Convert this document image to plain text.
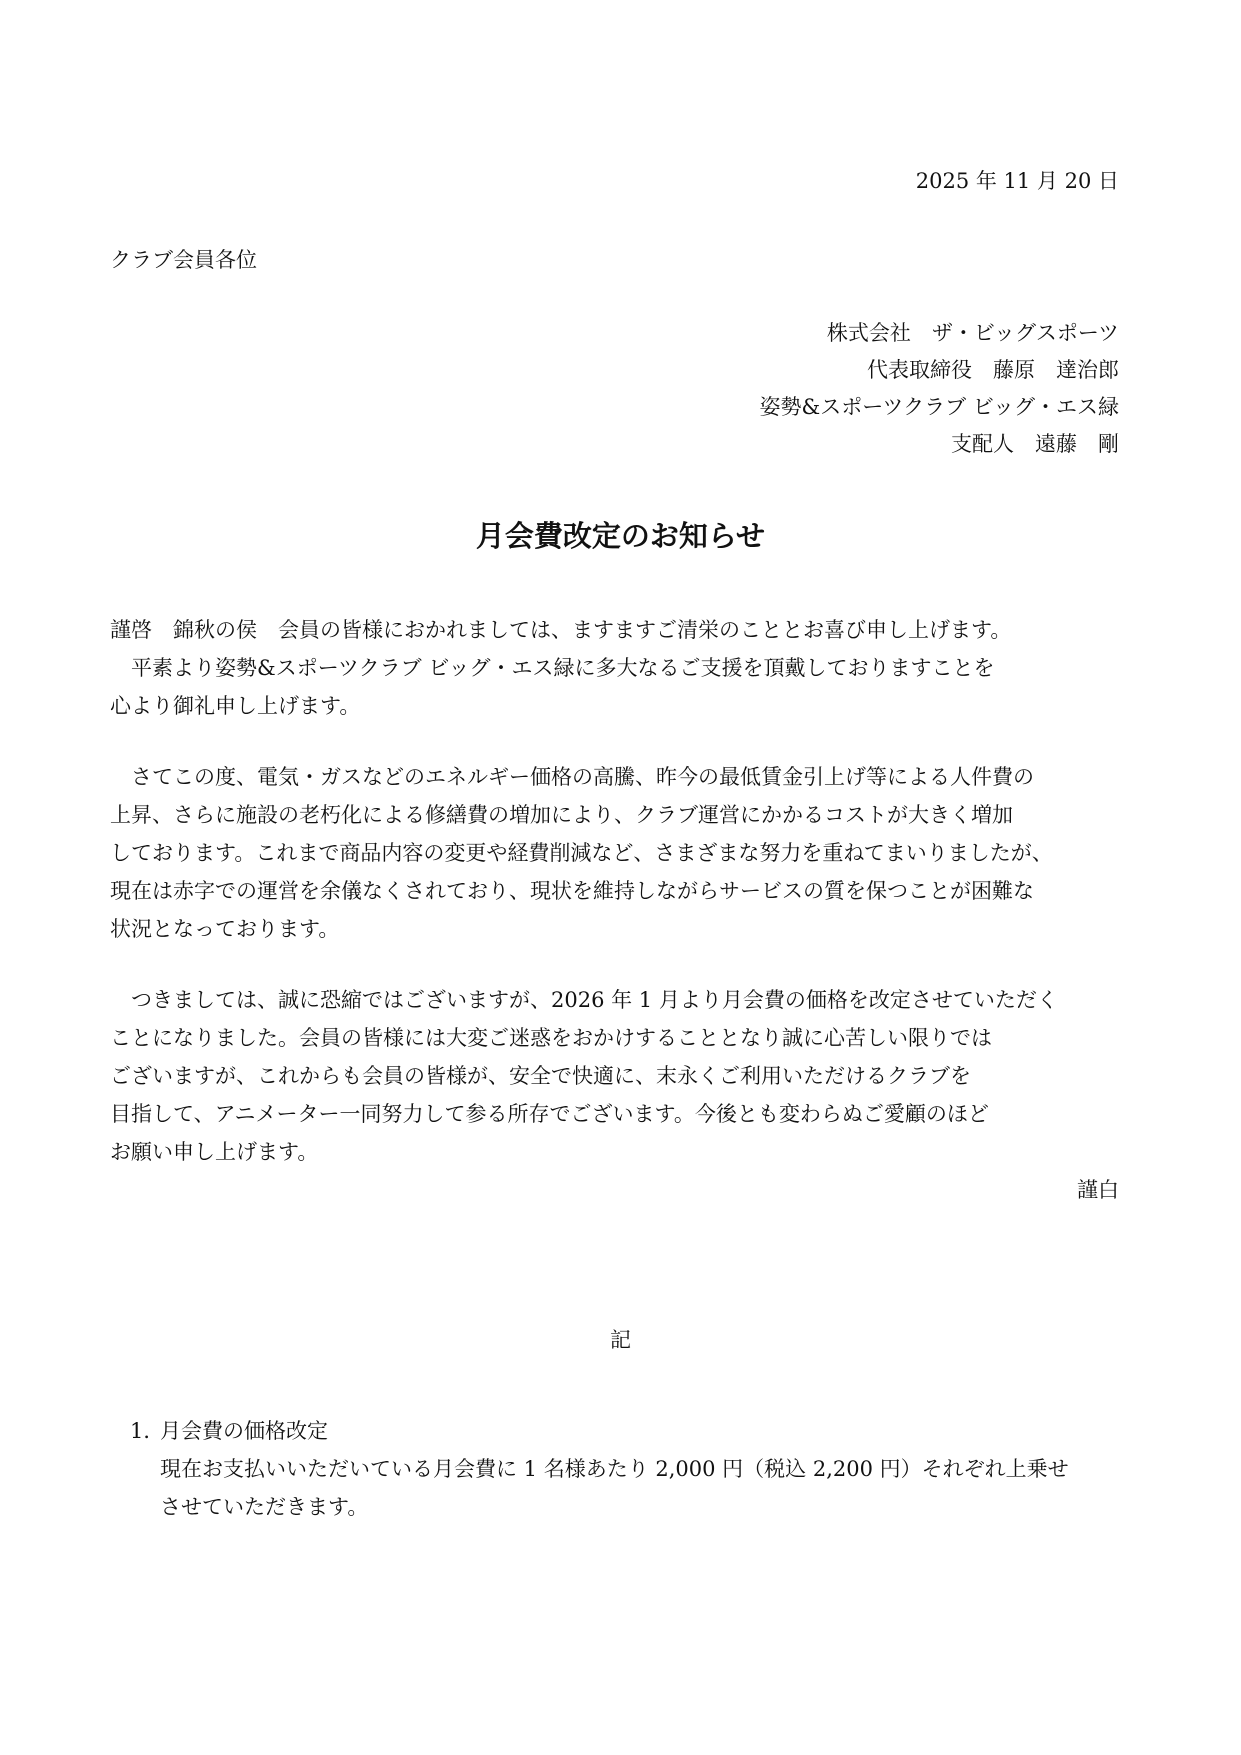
2025 年 11 月 20 日
クラブ会員各位
株式会社　ザ・ビッグスポーツ
代表取締役　藤原　達治郎
姿勢&スポーツクラブ ビッグ・エス緑
支配人　遠藤　剛
月会費改定のお知らせ
謹啓　錦秋の侯　会員の皆様におかれましては、ますますご清栄のこととお喜び申し上げます。
　平素より姿勢&スポーツクラブ ビッグ・エス緑に多大なるご支援を頂戴しておりますことを
心より御礼申し上げます。
　さてこの度、電気・ガスなどのエネルギー価格の高騰、昨今の最低賃金引上げ等による人件費の
上昇、さらに施設の老朽化による修繕費の増加により、クラブ運営にかかるコストが大きく増加
しております。これまで商品内容の変更や経費削減など、さまざまな努力を重ねてまいりましたが、
現在は赤字での運営を余儀なくされており、現状を維持しながらサービスの質を保つことが困難な
状況となっております。
　つきましては、誠に恐縮ではございますが、2026 年 1 月より月会費の価格を改定させていただく
ことになりました。会員の皆様には大変ご迷惑をおかけすることとなり誠に心苦しい限りでは
ございますが、これからも会員の皆様が、安全で快適に、末永くご利用いただけるクラブを
目指して、アニメーター一同努力して参る所存でございます。今後とも変わらぬご愛顧のほど
お願い申し上げます。
謹白
記
1．
月会費の価格改定
現在お支払いいただいている月会費に 1 名様あたり 2,000 円（税込 2,200 円）それぞれ上乗せ
させていただきます。
